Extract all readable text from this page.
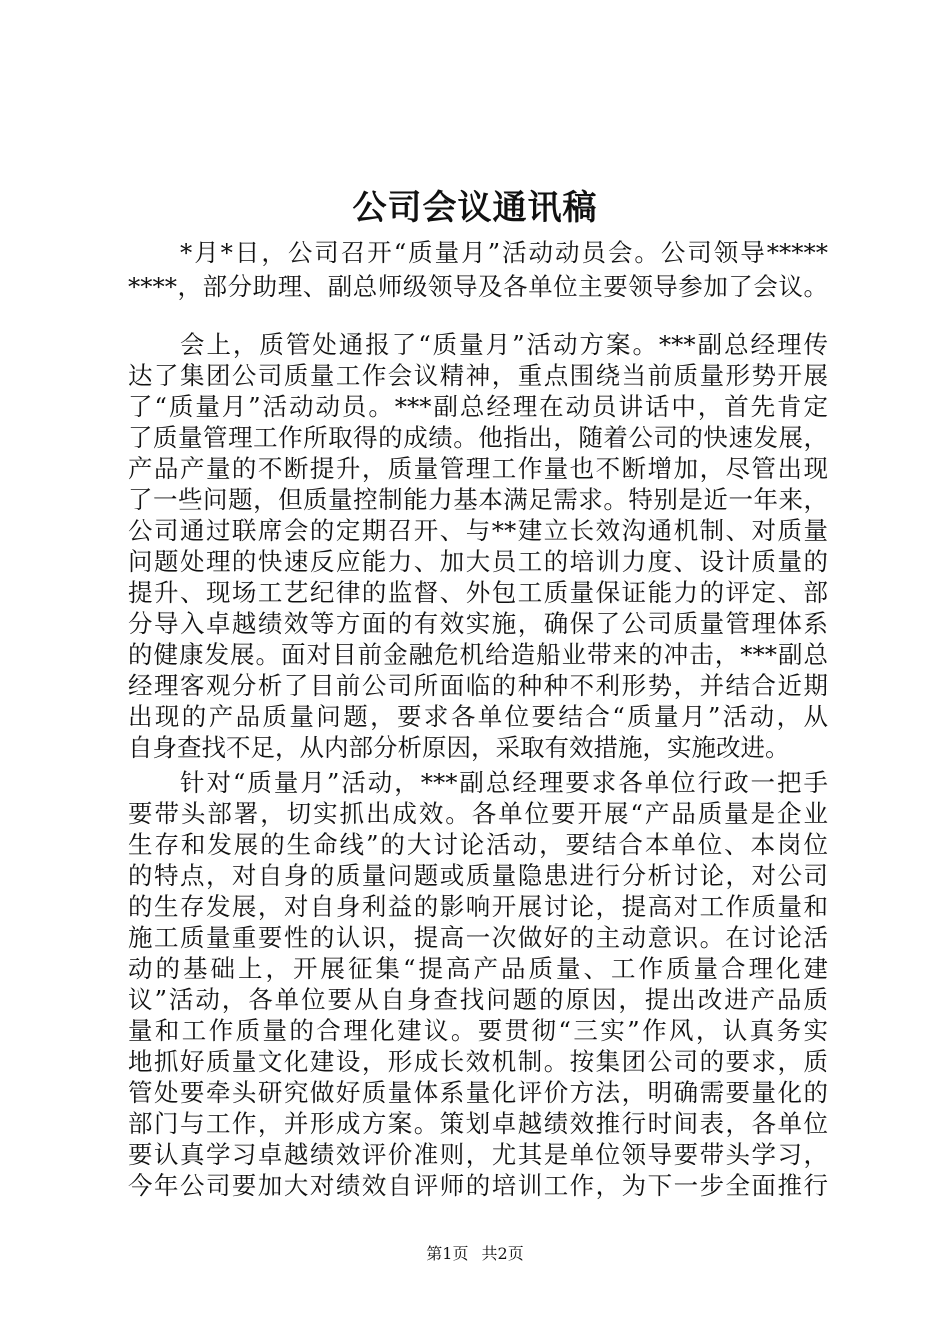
公司会议通讯稿
*月*日，公司召开“质量月”活动动员会。公司领导*****
****，部分助理、副总师级领导及各单位主要领导参加了会议。
会上，质管处通报了“质量月”活动方案。***副总经理传
达了集团公司质量工作会议精神，重点围绕当前质量形势开展
了“质量月”活动动员。***副总经理在动员讲话中，首先肯定
了质量管理工作所取得的成绩。他指出，随着公司的快速发展，
产品产量的不断提升，质量管理工作量也不断增加，尽管出现
了一些问题，但质量控制能力基本满足需求。特别是近一年来，
公司通过联席会的定期召开、与**建立长效沟通机制、对质量
问题处理的快速反应能力、加大员工的培训力度、设计质量的
提升、现场工艺纪律的监督、外包工质量保证能力的评定、部
分导入卓越绩效等方面的有效实施，确保了公司质量管理体系
的健康发展。面对目前金融危机给造船业带来的冲击，***副总
经理客观分析了目前公司所面临的种种不利形势，并结合近期
出现的产品质量问题，要求各单位要结合“质量月”活动，从
自身查找不足，从内部分析原因，采取有效措施，实施改进。
针对“质量月”活动，***副总经理要求各单位行政一把手
要带头部署，切实抓出成效。各单位要开展“产品质量是企业
生存和发展的生命线”的大讨论活动，要结合本单位、本岗位
的特点，对自身的质量问题或质量隐患进行分析讨论，对公司
的生存发展，对自身利益的影响开展讨论，提高对工作质量和
施工质量重要性的认识，提高一次做好的主动意识。在讨论活
动的基础上，开展征集“提高产品质量、工作质量合理化建
议”活动，各单位要从自身查找问题的原因，提出改进产品质
量和工作质量的合理化建议。要贯彻“三实”作风，认真务实
地抓好质量文化建设，形成长效机制。按集团公司的要求，质
管处要牵头研究做好质量体系量化评价方法，明确需要量化的
部门与工作，并形成方案。策划卓越绩效推行时间表，各单位
要认真学习卓越绩效评价准则，尤其是单位领导要带头学习，
今年公司要加大对绩效自评师的培训工作，为下一步全面推行
第1页 共2页
